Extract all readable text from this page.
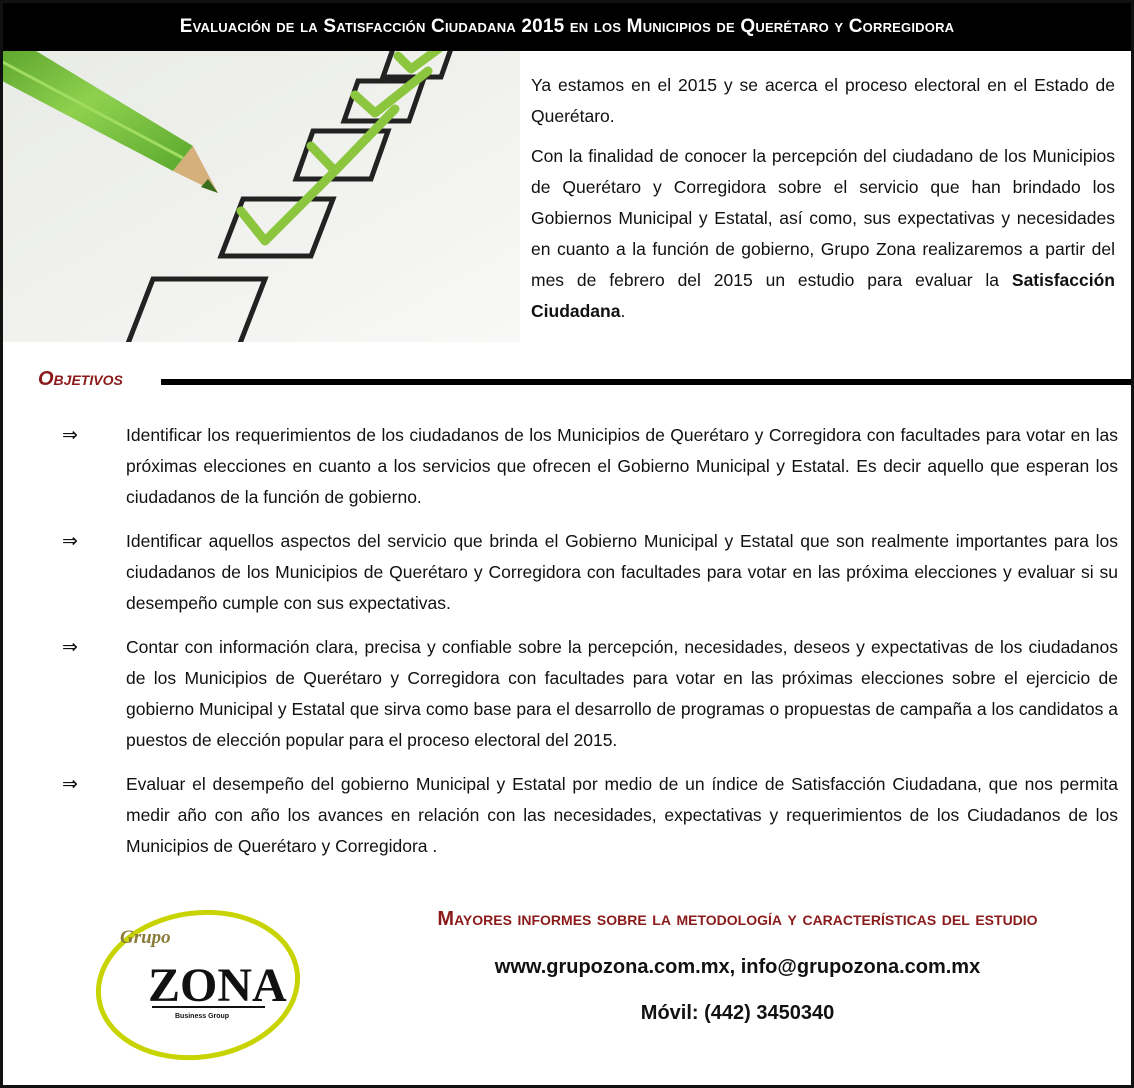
Evaluación de la Satisfacción Ciudadana 2015 en los Municipios de Querétaro y Corregidora

Ya estamos en el 2015 y se acerca el proceso electoral en el Estado de Querétaro.

Con la finalidad de conocer la percepción del ciudadano de los Municipios de Querétaro y Corregidora sobre el servicio que han brindado los Gobiernos Municipal y Estatal, así como, sus expectativas y necesidades en cuanto a la función de gobierno, Grupo Zona realizaremos a partir del mes de febrero del 2015 un estudio para evaluar la Satisfacción Ciudadana.

Objetivos
⇒	Identificar los requerimientos de los ciudadanos de los Municipios de Querétaro y Corregidora con facultades para votar en las próximas elecciones en cuanto a los servicios que ofrecen el Gobierno Municipal y Estatal. Es decir aquello que esperan los ciudadanos de la función de gobierno.
⇒	Identificar aquellos aspectos del servicio que brinda el Gobierno Municipal y Estatal que son realmente importantes para los ciudadanos de los Municipios de Querétaro y Corregidora con facultades para votar en las próxima elecciones y evaluar si su desempeño cumple con sus expectativas.
⇒	Contar con información clara, precisa y confiable sobre la percepción, necesidades, deseos y expectativas de los ciudadanos de los Municipios de Querétaro y Corregidora con facultades para votar en las próximas elecciones sobre el ejercicio de gobierno Municipal y Estatal que sirva como base para el desarrollo de programas o propuestas de campaña a los candidatos a puestos de elección popular para el proceso electoral del 2015.
⇒	Evaluar el desempeño del gobierno Municipal y Estatal por medio de un índice de Satisfacción Ciudadana, que nos permita medir año con año los avances en relación con las necesidades, expectativas y requerimientos de los Ciudadanos de los Municipios de Querétaro y Corregidora .
Grupo
ZONA
Business Group
Mayores informes sobre la metodología y características del estudio
www.grupozona.com.mx, info@grupozona.com.mx
Móvil: (442) 3450340
